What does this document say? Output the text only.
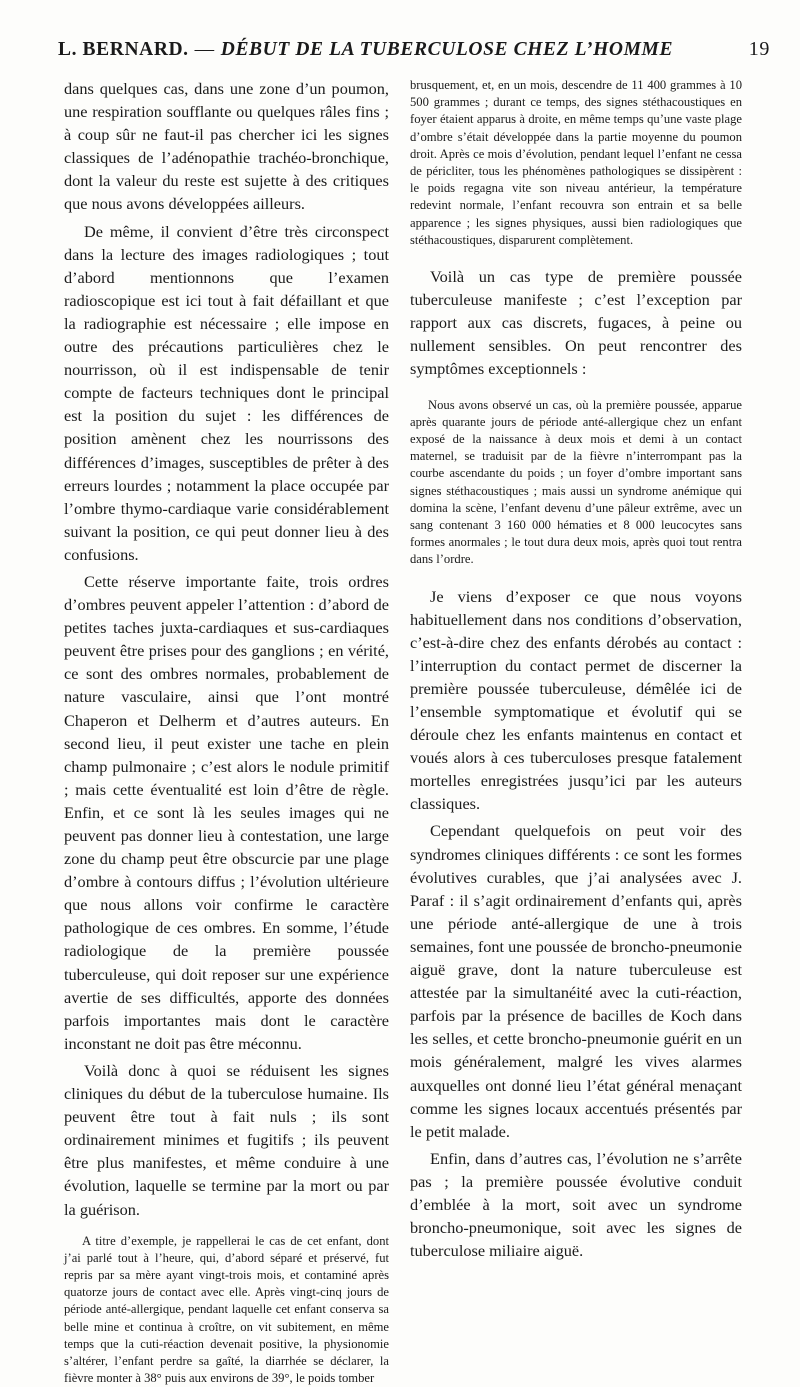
L. BERNARD. — DÉBUT DE LA TUBERCULOSE CHEZ L’HOMME	19

dans quelques cas, dans une zone d’un poumon, une respiration soufflante ou quelques râles fins ; à coup sûr ne faut-il pas chercher ici les signes classiques de l’adénopathie trachéo-bronchique, dont la valeur du reste est sujette à des critiques que nous avons développées ailleurs.

De même, il convient d’être très circonspect dans la lecture des images radiologiques ; tout d’abord mentionnons que l’examen radioscopique est ici tout à fait défaillant et que la radiographie est nécessaire ; elle impose en outre des précautions particulières chez le nourrisson, où il est indispensable de tenir compte de facteurs techniques dont le principal est la position du sujet : les différences de position amènent chez les nourrissons des différences d’images, susceptibles de prêter à des erreurs lourdes ; notamment la place occupée par l’ombre thymo-cardiaque varie considérablement suivant la position, ce qui peut donner lieu à des confusions.

Cette réserve importante faite, trois ordres d’ombres peuvent appeler l’attention : d’abord de petites taches juxta-cardiaques et sus-cardiaques peuvent être prises pour des ganglions ; en vérité, ce sont des ombres normales, probablement de nature vasculaire, ainsi que l’ont montré Chaperon et Delherm et d’autres auteurs. En second lieu, il peut exister une tache en plein champ pulmonaire ; c’est alors le nodule primitif ; mais cette éventualité est loin d’être de règle. Enfin, et ce sont là les seules images qui ne peuvent pas donner lieu à contestation, une large zone du champ peut être obscurcie par une plage d’ombre à contours diffus ; l’évolution ultérieure que nous allons voir confirme le caractère pathologique de ces ombres. En somme, l’étude radiologique de la première poussée tuberculeuse, qui doit reposer sur une expérience avertie de ses difficultés, apporte des données parfois importantes mais dont le caractère inconstant ne doit pas être méconnu.

Voilà donc à quoi se réduisent les signes cliniques du début de la tuberculose humaine. Ils peuvent être tout à fait nuls ; ils sont ordinairement minimes et fugitifs ; ils peuvent être plus manifestes, et même conduire à une évolution, laquelle se termine par la mort ou par la guérison.

A titre d’exemple, je rappellerai le cas de cet enfant, dont j’ai parlé tout à l’heure, qui, d’abord séparé et préservé, fut repris par sa mère ayant vingt-trois mois, et contaminé après quatorze jours de contact avec elle. Après vingt-cinq jours de période anté-allergique, pendant laquelle cet enfant conserva sa belle mine et continua à croître, on vit subitement, en même temps que la cuti-réaction devenait positive, la physionomie s’altérer, l’enfant perdre sa gaîté, la diarrhée se déclarer, la fièvre monter à 38° puis aux environs de 39°, le poids tomber

brusquement, et, en un mois, descendre de 11 400 grammes à 10 500 grammes ; durant ce temps, des signes stéthacoustiques en foyer étaient apparus à droite, en même temps qu’une vaste plage d’ombre s’était développée dans la partie moyenne du poumon droit. Après ce mois d’évolution, pendant lequel l’enfant ne cessa de péricliter, tous les phénomènes pathologiques se dissipèrent : le poids regagna vite son niveau antérieur, la température redevint normale, l’enfant recouvra son entrain et sa belle apparence ; les signes physiques, aussi bien radiologiques que stéthacoustiques, disparurent complètement.

Voilà un cas type de première poussée tuberculeuse manifeste ; c’est l’exception par rapport aux cas discrets, fugaces, à peine ou nullement sensibles. On peut rencontrer des symptômes exceptionnels :

Nous avons observé un cas, où la première poussée, apparue après quarante jours de période anté-allergique chez un enfant exposé de la naissance à deux mois et demi à un contact maternel, se traduisit par de la fièvre n’interrompant pas la courbe ascendante du poids ; un foyer d’ombre important sans signes stéthacoustiques ; mais aussi un syndrome anémique qui domina la scène, l’enfant devenu d’une pâleur extrême, avec un sang contenant 3 160 000 hématies et 8 000 leucocytes sans formes anormales ; le tout dura deux mois, après quoi tout rentra dans l’ordre.

Je viens d’exposer ce que nous voyons habituellement dans nos conditions d’observation, c’est-à-dire chez des enfants dérobés au contact : l’interruption du contact permet de discerner la première poussée tuberculeuse, démêlée ici de l’ensemble symptomatique et évolutif qui se déroule chez les enfants maintenus en contact et voués alors à ces tuberculoses presque fatalement mortelles enregistrées jusqu’ici par les auteurs classiques.

Cependant quelquefois on peut voir des syndromes cliniques différents : ce sont les formes évolutives curables, que j’ai analysées avec J. Paraf : il s’agit ordinairement d’enfants qui, après une période anté-allergique de une à trois semaines, font une poussée de broncho-pneumonie aiguë grave, dont la nature tuberculeuse est attestée par la simultanéité avec la cuti-réaction, parfois par la présence de bacilles de Koch dans les selles, et cette broncho-pneumonie guérit en un mois généralement, malgré les vives alarmes auxquelles ont donné lieu l’état général menaçant comme les signes locaux accentués présentés par le petit malade.

Enfin, dans d’autres cas, l’évolution ne s’arrête pas ; la première poussée évolutive conduit d’emblée à la mort, soit avec un syndrome broncho-pneumonique, soit avec les signes de tuberculose miliaire aiguë.
